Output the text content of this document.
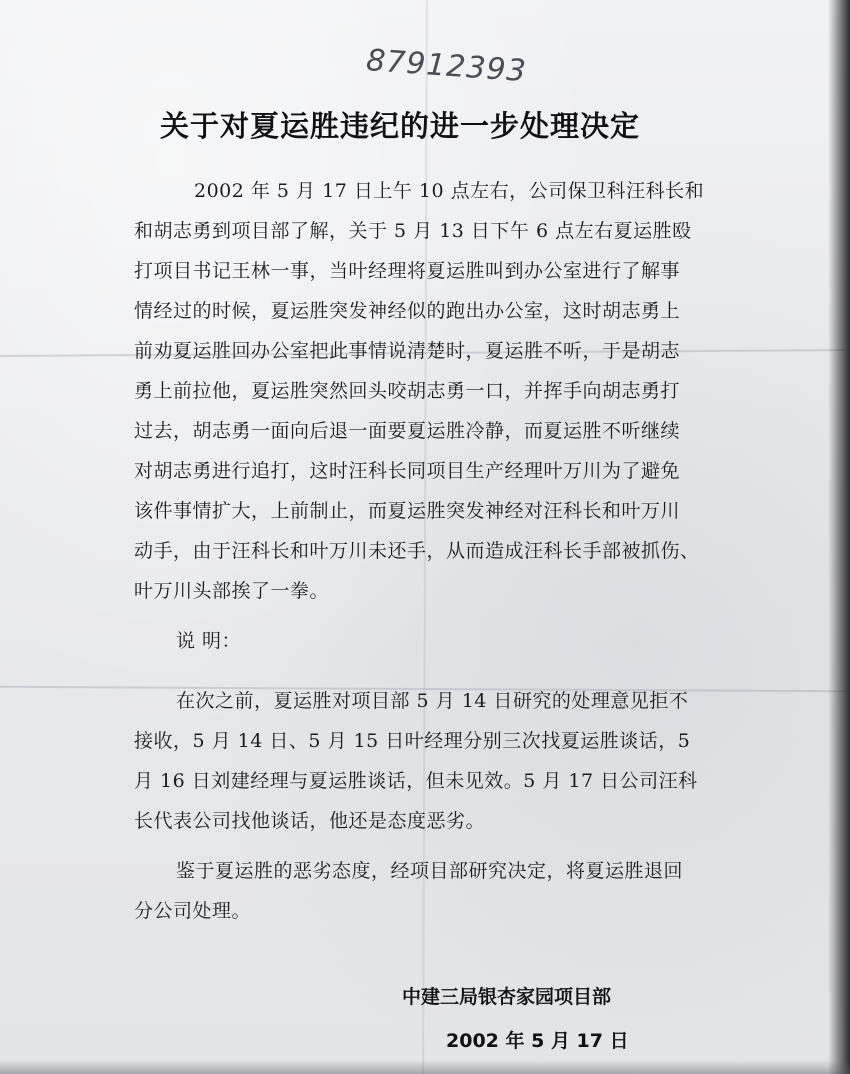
87912393
关于对夏运胜违纪的进一步处理决定
2002 年 5 月 17 日上午 10 点左右，公司保卫科汪科长和
和胡志勇到项目部了解，关于 5 月 13 日下午 6 点左右夏运胜殴
打项目书记王林一事，当叶经理将夏运胜叫到办公室进行了解事
情经过的时候，夏运胜突发神经似的跑出办公室，这时胡志勇上
前劝夏运胜回办公室把此事情说清楚时，夏运胜不听，于是胡志
勇上前拉他，夏运胜突然回头咬胡志勇一口，并挥手向胡志勇打
过去，胡志勇一面向后退一面要夏运胜冷静，而夏运胜不听继续
对胡志勇进行追打，这时汪科长同项目生产经理叶万川为了避免
该件事情扩大，上前制止，而夏运胜突发神经对汪科长和叶万川
动手，由于汪科长和叶万川未还手，从而造成汪科长手部被抓伤、
叶万川头部挨了一拳。
说 明：
在次之前，夏运胜对项目部 5 月 14 日研究的处理意见拒不
接收，5 月 14 日、5 月 15 日叶经理分别三次找夏运胜谈话，5
月 16 日刘建经理与夏运胜谈话，但未见效。5 月 17 日公司汪科
长代表公司找他谈话，他还是态度恶劣。
鉴于夏运胜的恶劣态度，经项目部研究决定，将夏运胜退回
分公司处理。
中建三局银杏家园项目部
2002 年 5 月 17 日
